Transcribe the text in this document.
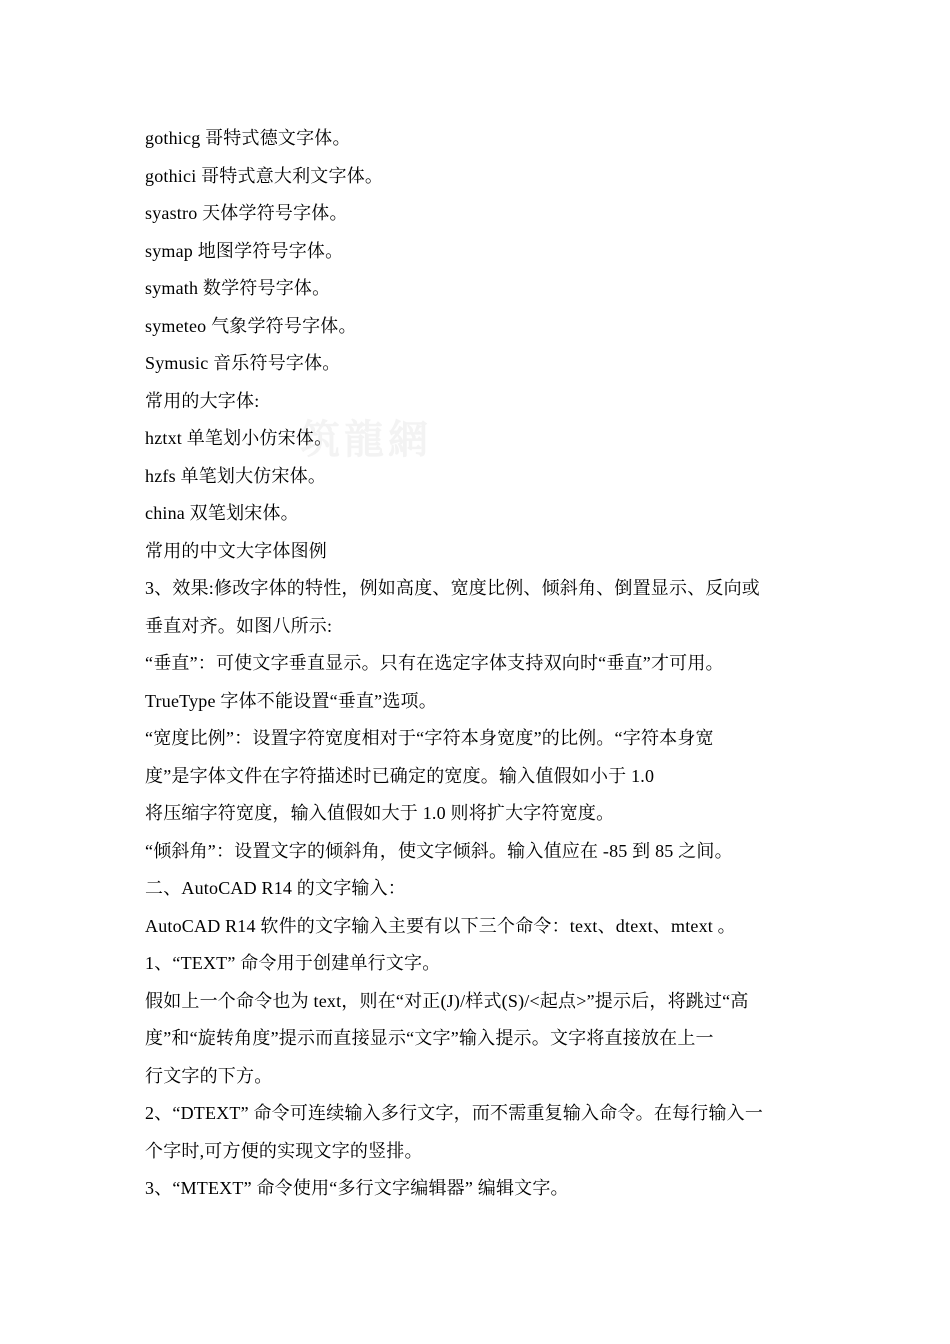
筑龍網
gothicg 哥特式德文字体。
gothici 哥特式意大利文字体。
syastro 天体学符号字体。
symap 地图学符号字体。
symath 数学符号字体。
symeteo 气象学符号字体。
Symusic 音乐符号字体。
常用的大字体:
hztxt 单笔划小仿宋体。
hzfs 单笔划大仿宋体。
china 双笔划宋体。
常用的中文大字体图例
3、效果:修改字体的特性，例如高度、宽度比例、倾斜角、倒置显示、反向或
垂直对齐。如图八所示:
“垂直”：可使文字垂直显示。只有在选定字体支持双向时“垂直”才可用。
TrueType 字体不能设置“垂直”选项。
“宽度比例”：设置字符宽度相对于“字符本身宽度”的比例。“字符本身宽
度”是字体文件在字符描述时已确定的宽度。输入值假如小于 1.0
将压缩字符宽度，输入值假如大于 1.0 则将扩大字符宽度。
“倾斜角”：设置文字的倾斜角，使文字倾斜。输入值应在 -85 到 85 之间。
二、AutoCAD R14 的文字输入：
AutoCAD R14 软件的文字输入主要有以下三个命令：text、dtext、mtext 。
1、“TEXT” 命令用于创建单行文字。
假如上一个命令也为 text，则在“对正(J)/样式(S)/<起点>”提示后，将跳过“高
度”和“旋转角度”提示而直接显示“文字”输入提示。文字将直接放在上一
行文字的下方。
2、“DTEXT” 命令可连续输入多行文字，而不需重复输入命令。在每行输入一
个字时,可方便的实现文字的竖排。
3、“MTEXT” 命令使用“多行文字编辑器” 编辑文字。
